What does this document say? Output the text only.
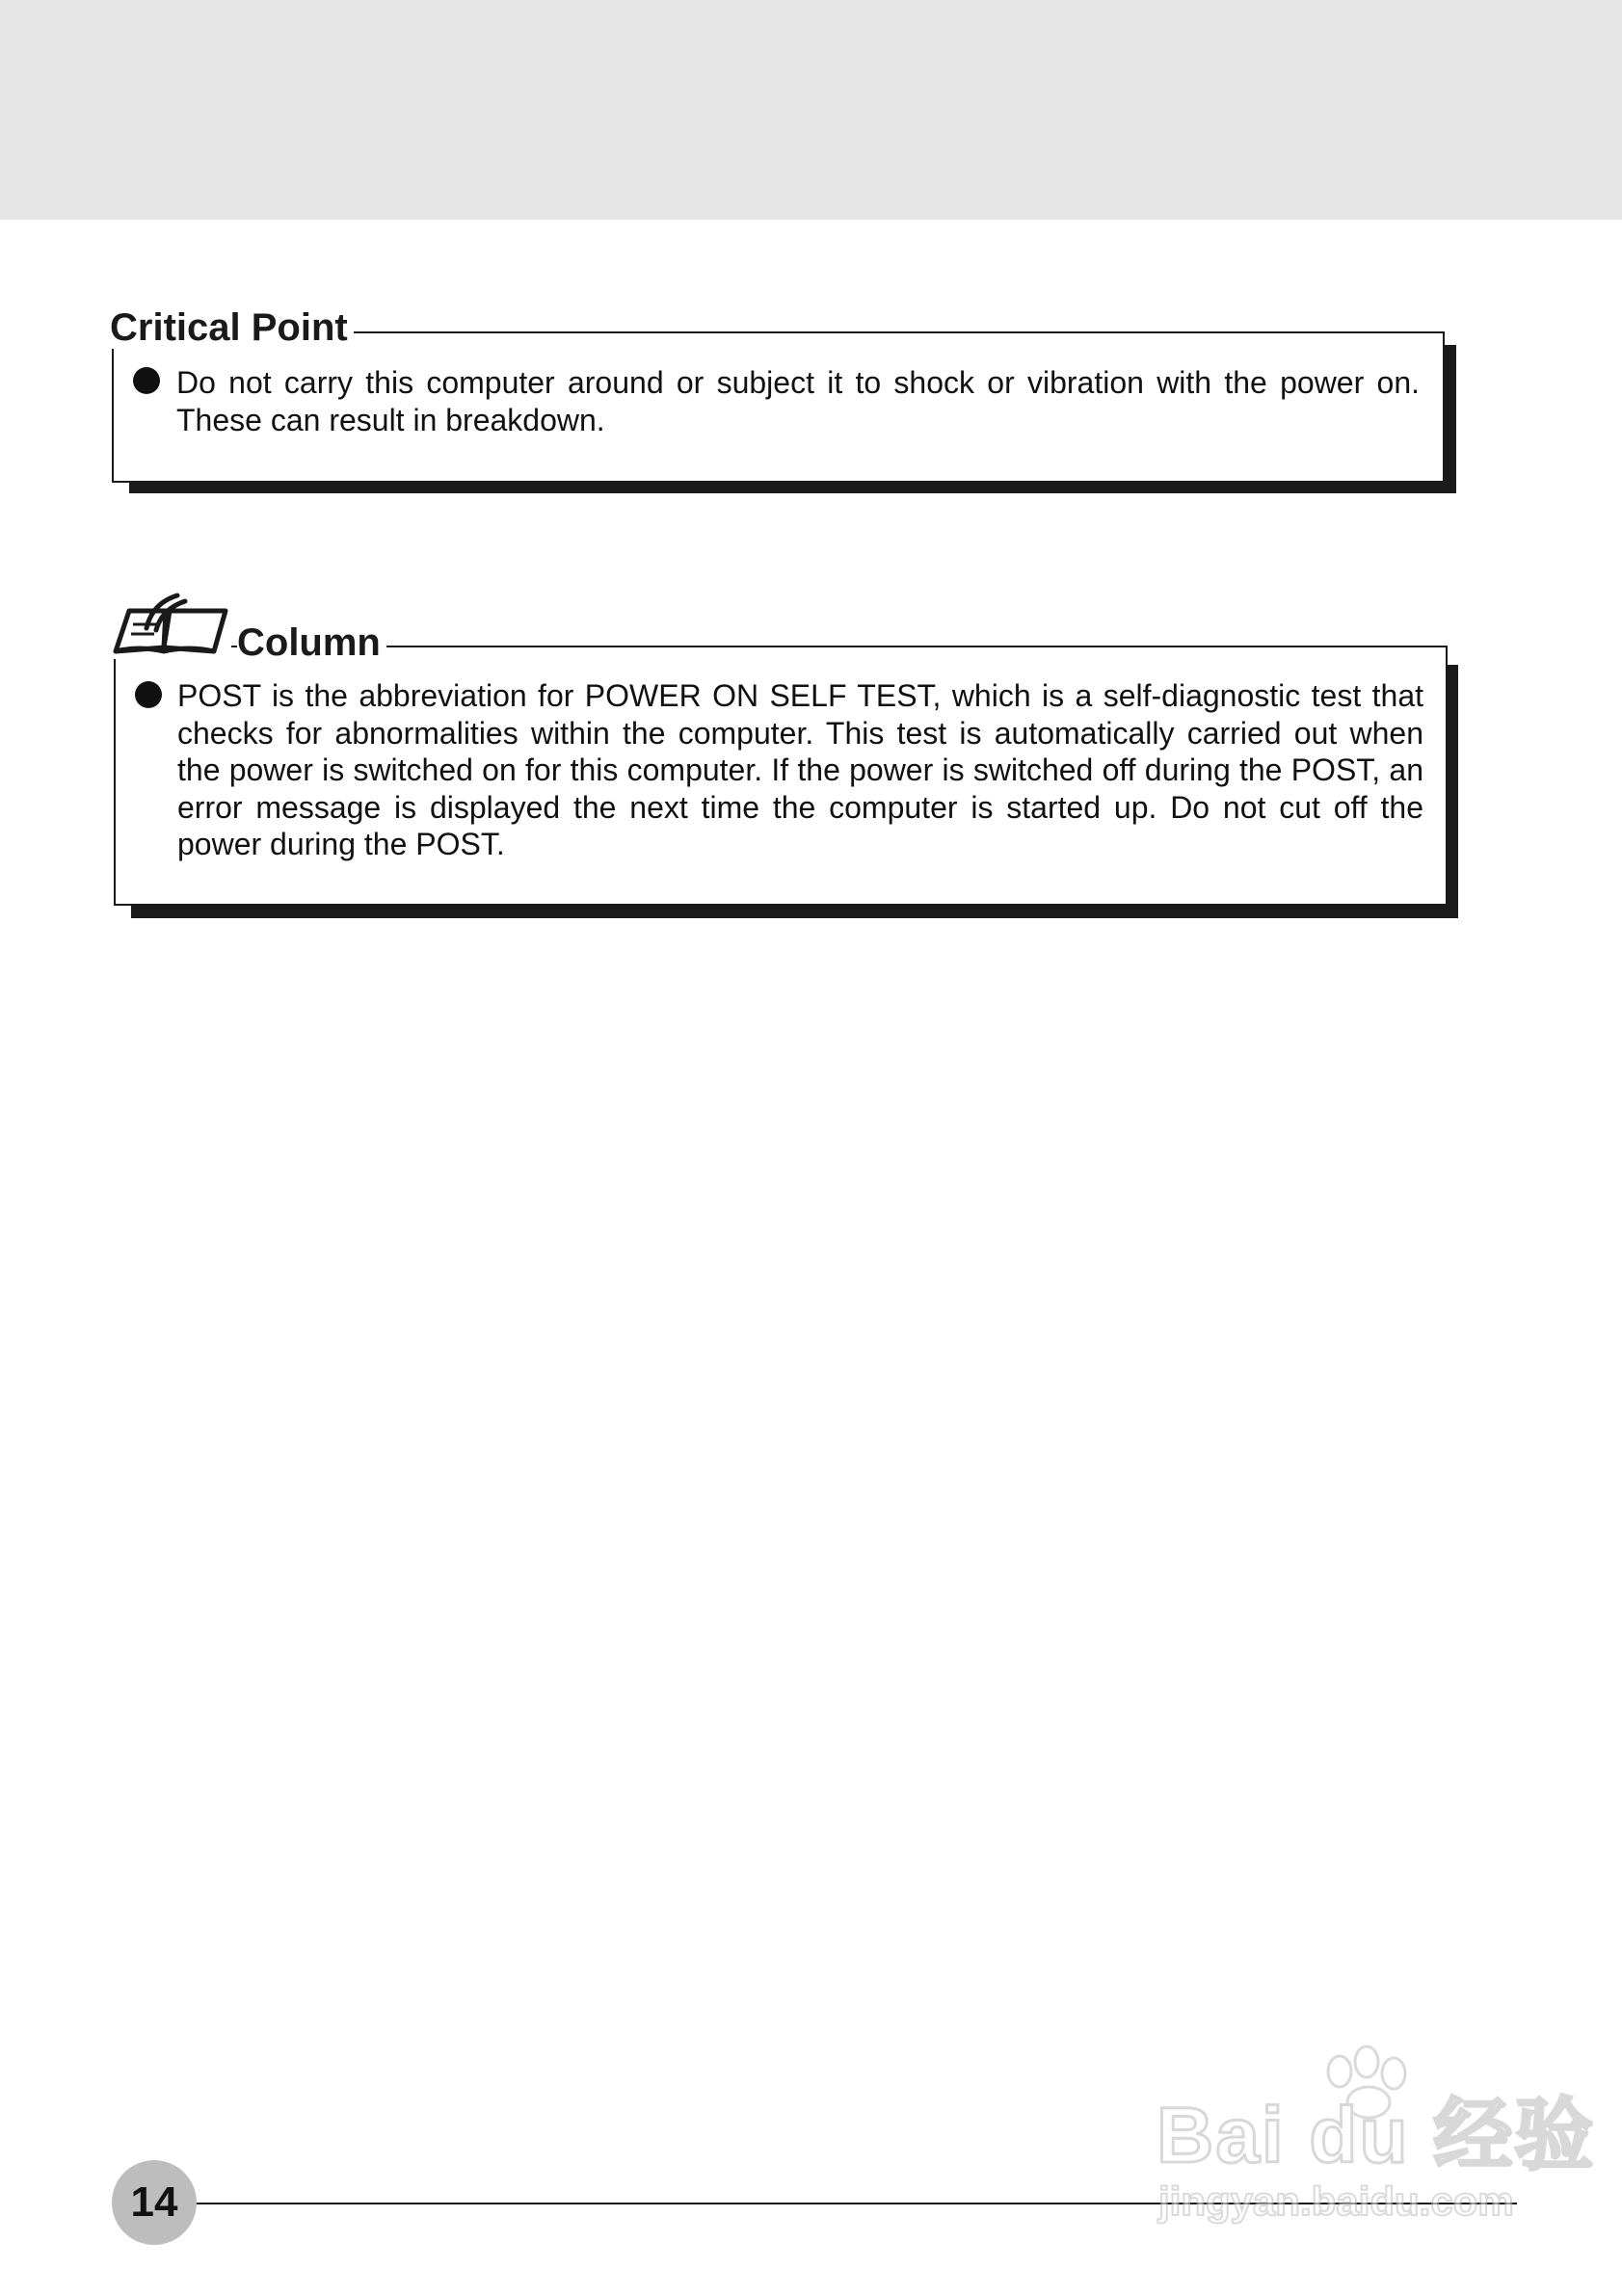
Critical Point
Do not carry this computer around or subject it to shock or vibration with the power on. These can result in breakdown.
Column
POST is the abbreviation for POWER ON SELF TEST, which is a self-diagnostic test that checks for abnormalities within the computer. This test is automatically carried out when the power is switched on for this computer. If the power is switched off during the POST, an error message is displayed the next time the computer is started up. Do not cut off the power during the POST.
14
Bai du 经验
jingyan.baidu.com
